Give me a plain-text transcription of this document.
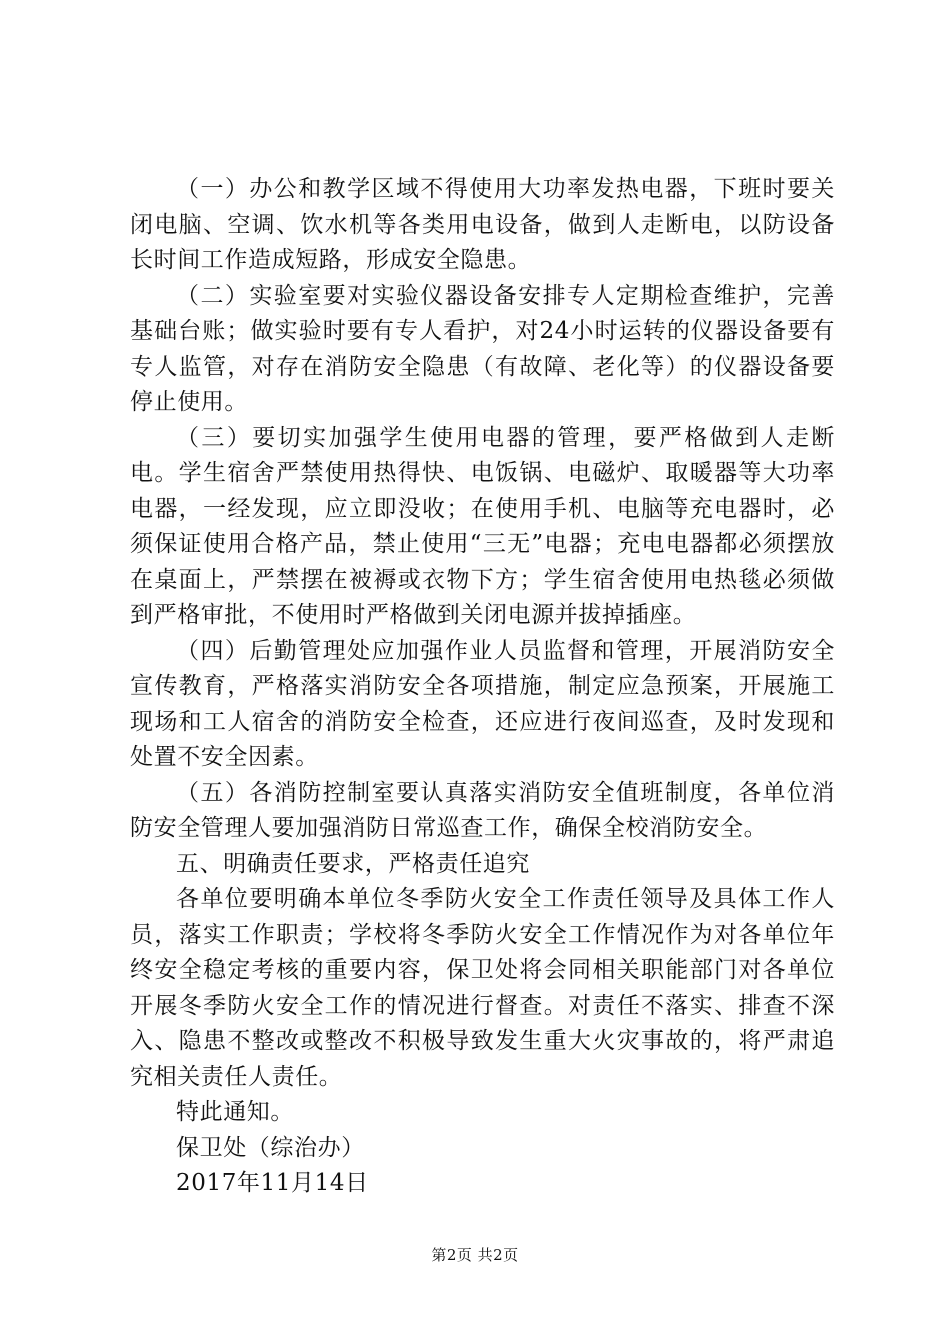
（一）办公和教学区域不得使用大功率发热电器，下班时要关闭电脑、空调、饮水机等各类用电设备，做到人走断电，以防设备长时间工作造成短路，形成安全隐患。

（二）实验室要对实验仪器设备安排专人定期检查维护，完善基础台账；做实验时要有专人看护，对24小时运转的仪器设备要有专人监管，对存在消防安全隐患（有故障、老化等）的仪器设备要停止使用。

（三）要切实加强学生使用电器的管理，要严格做到人走断电。学生宿舍严禁使用热得快、电饭锅、电磁炉、取暖器等大功率电器，一经发现，应立即没收；在使用手机、电脑等充电器时，必须保证使用合格产品，禁止使用“三无”电器；充电电器都必须摆放在桌面上，严禁摆在被褥或衣物下方；学生宿舍使用电热毯必须做到严格审批，不使用时严格做到关闭电源并拔掉插座。

（四）后勤管理处应加强作业人员监督和管理，开展消防安全宣传教育，严格落实消防安全各项措施，制定应急预案，开展施工现场和工人宿舍的消防安全检查，还应进行夜间巡查，及时发现和处置不安全因素。

（五）各消防控制室要认真落实消防安全值班制度，各单位消防安全管理人要加强消防日常巡查工作，确保全校消防安全。

五、明确责任要求，严格责任追究

各单位要明确本单位冬季防火安全工作责任领导及具体工作人员，落实工作职责；学校将冬季防火安全工作情况作为对各单位年终安全稳定考核的重要内容，保卫处将会同相关职能部门对各单位开展冬季防火安全工作的情况进行督查。对责任不落实、排查不深入、隐患不整改或整改不积极导致发生重大火灾事故的，将严肃追究相关责任人责任。

特此通知。

保卫处（综治办）

2017年11月14日

第2页 共2页
